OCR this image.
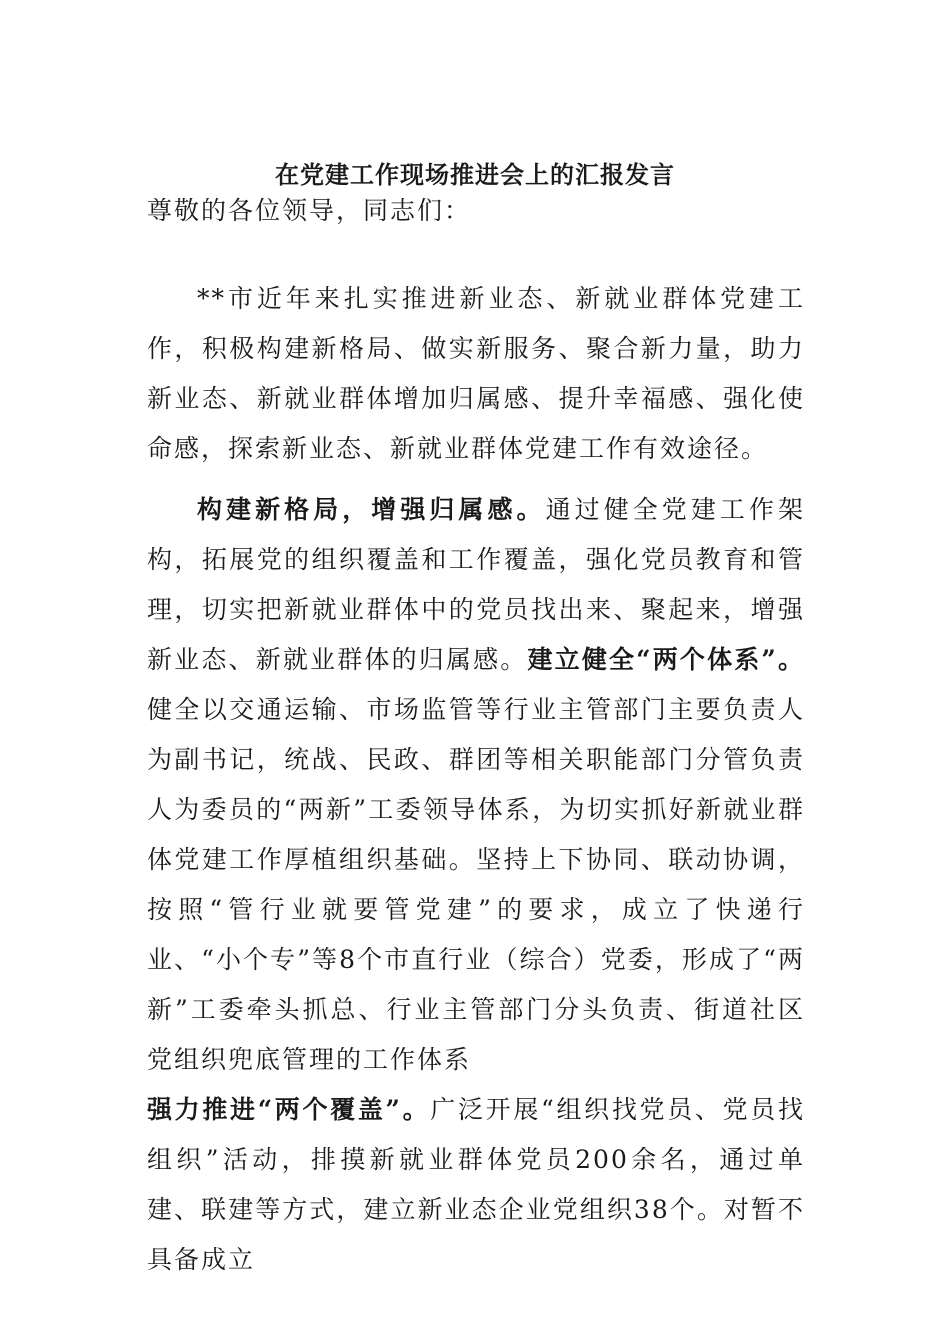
在党建工作现场推进会上的汇报发言
尊敬的各位领导，同志们：
**市近年来扎实推进新业态、新就业群体党建工作，积极构建新格局、做实新服务、聚合新力量，助力新业态、新就业群体增加归属感、提升幸福感、强化使命感，探索新业态、新就业群体党建工作有效途径。
构建新格局，增强归属感。通过健全党建工作架构，拓展党的组织覆盖和工作覆盖，强化党员教育和管理，切实把新就业群体中的党员找出来、聚起来，增强新业态、新就业群体的归属感。建立健全“两个体系”。健全以交通运输、市场监管等行业主管部门主要负责人为副书记，统战、民政、群团等相关职能部门分管负责人为委员的“两新”工委领导体系，为切实抓好新就业群体党建工作厚植组织基础。坚持上下协同、联动协调，按照“管行业就要管党建”的要求，成立了快递行业、“小个专”等8个市直行业（综合）党委，形成了“两新”工委牵头抓总、行业主管部门分头负责、街道社区党组织兜底管理的工作体系
强力推进“两个覆盖”。广泛开展“组织找党员、党员找组织”活动，排摸新就业群体党员200余名，通过单建、联建等方式，建立新业态企业党组织38个。对暂不具备成立
